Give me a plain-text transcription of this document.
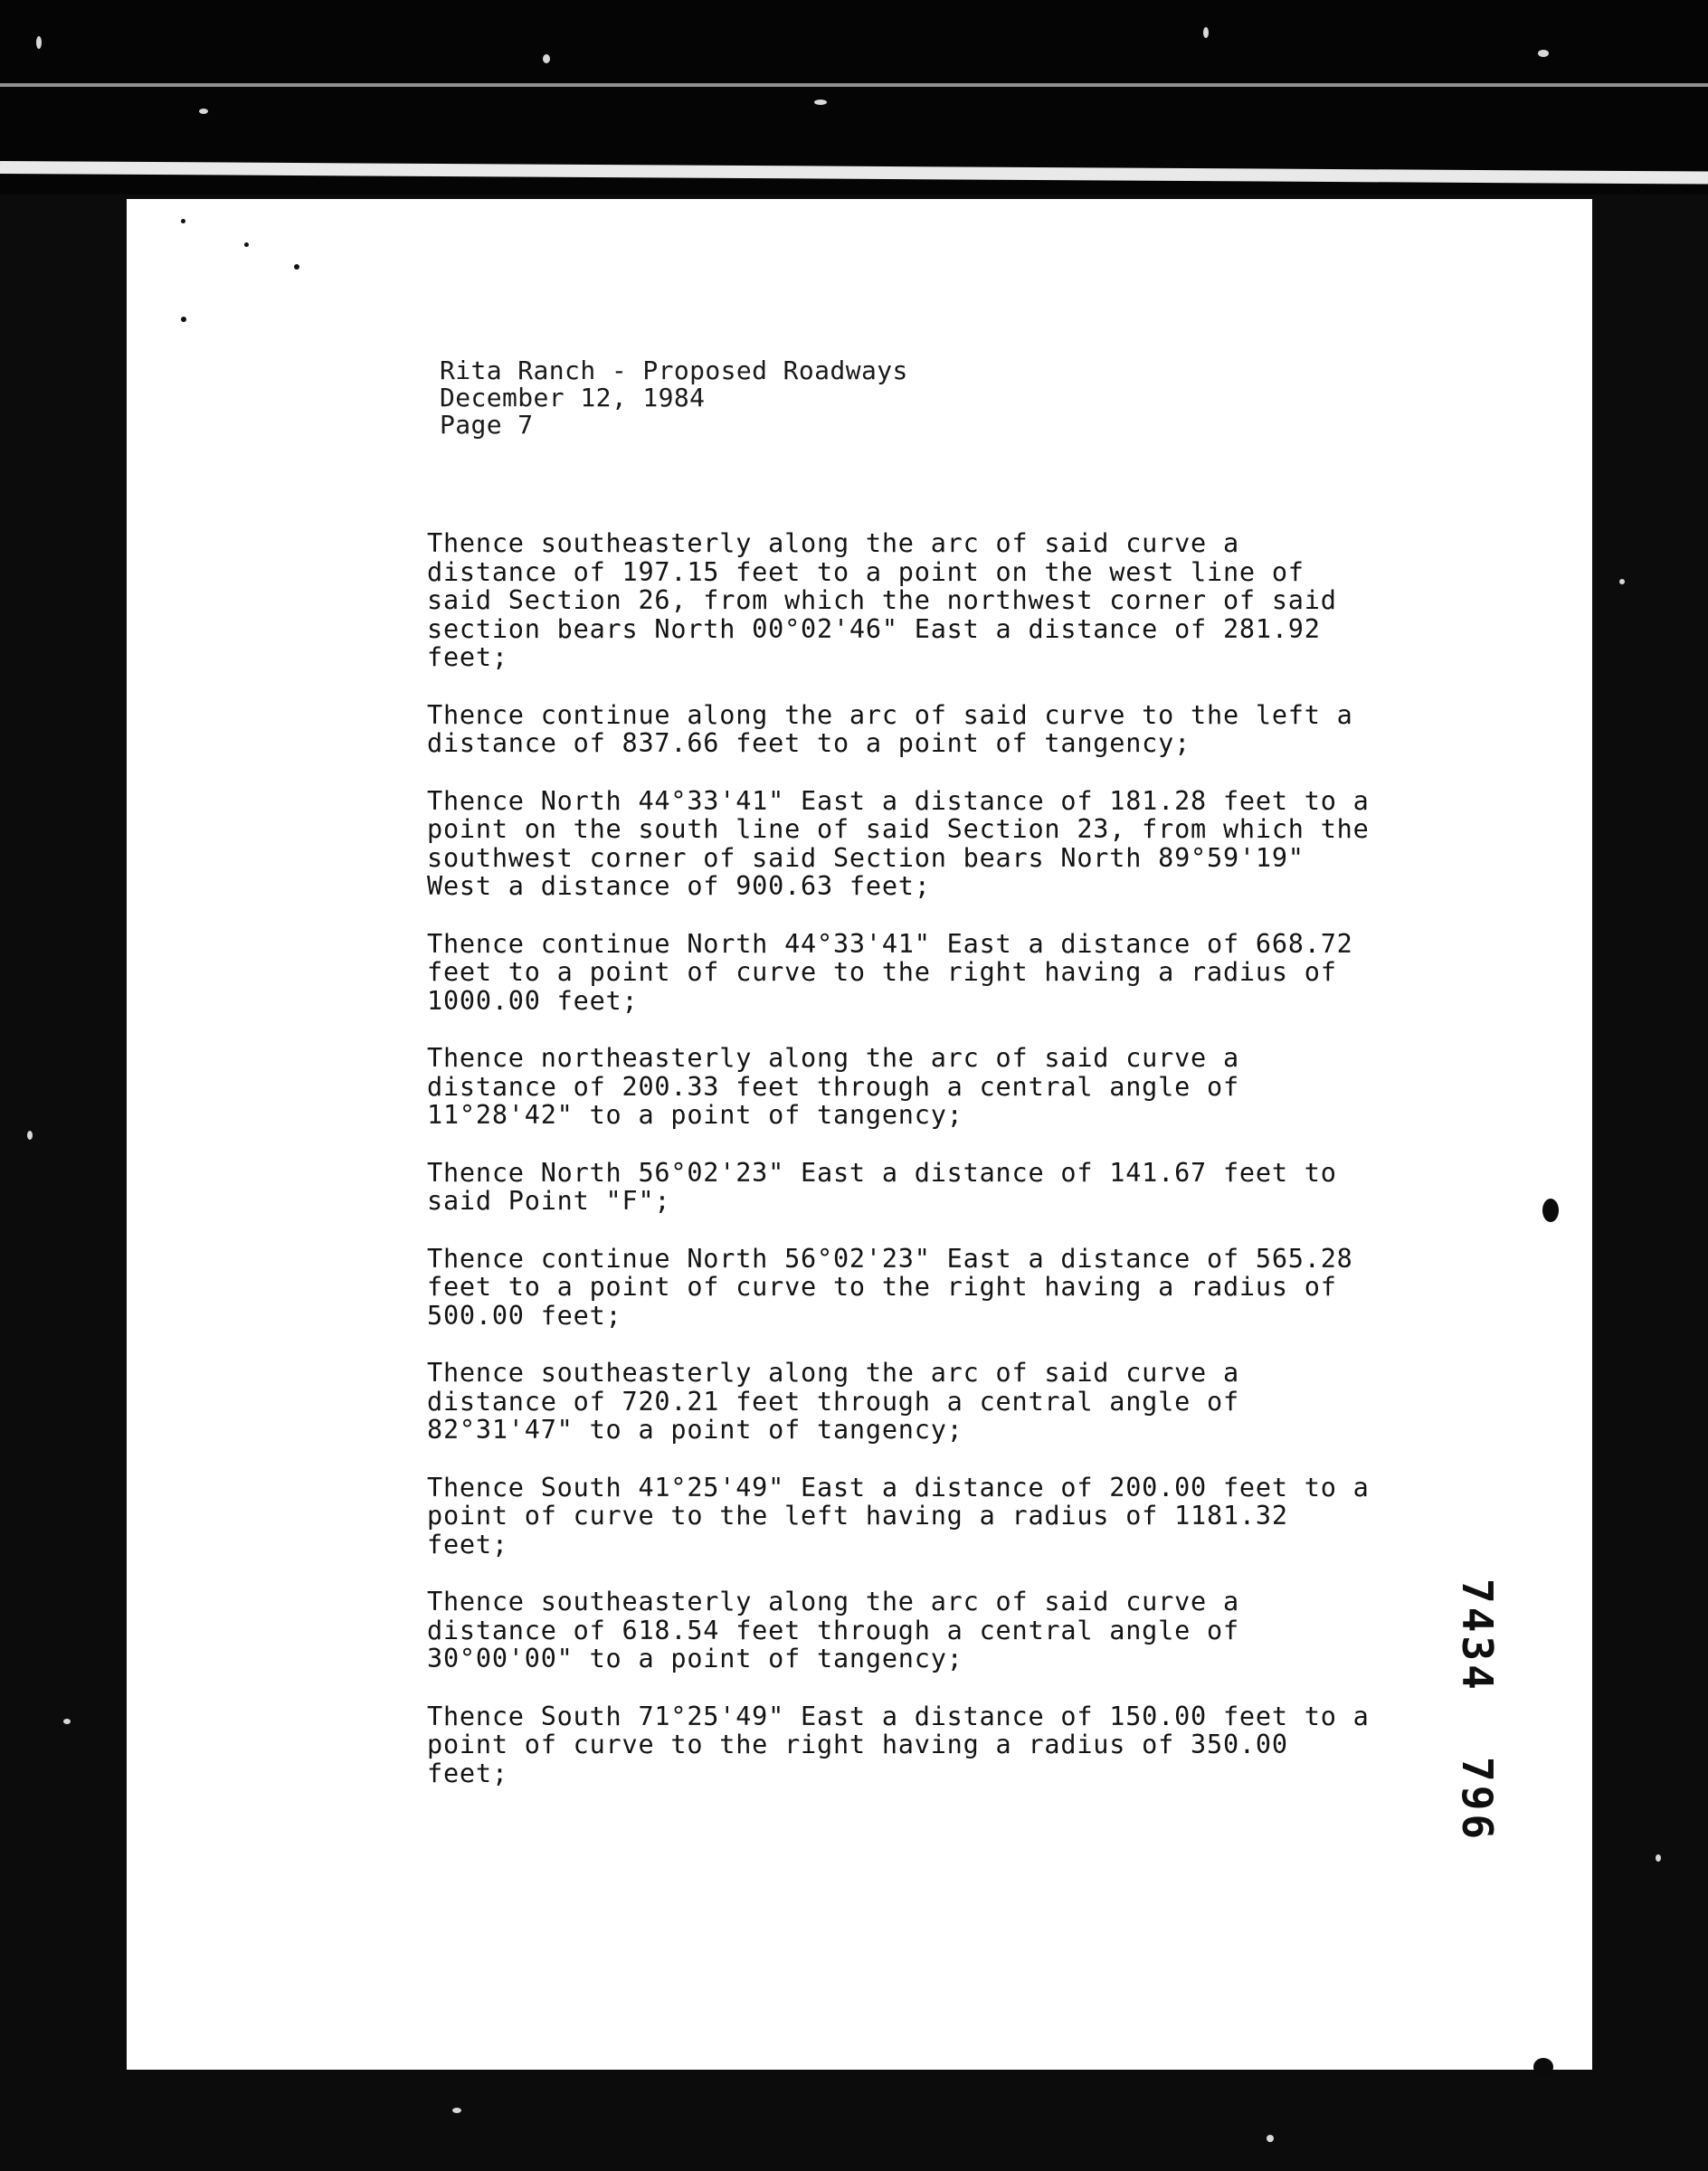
Rita Ranch - Proposed Roadways
December 12, 1984
Page 7

Thence southeasterly along the arc of said curve a
distance of 197.15 feet to a point on the west line of
said Section 26, from which the northwest corner of said
section bears North 00°02'46" East a distance of 281.92
feet;

Thence continue along the arc of said curve to the left a
distance of 837.66 feet to a point of tangency;

Thence North 44°33'41" East a distance of 181.28 feet to a
point on the south line of said Section 23, from which the
southwest corner of said Section bears North 89°59'19"
West a distance of 900.63 feet;

Thence continue North 44°33'41" East a distance of 668.72
feet to a point of curve to the right having a radius of
1000.00 feet;

Thence northeasterly along the arc of said curve a
distance of 200.33 feet through a central angle of
11°28'42" to a point of tangency;

Thence North 56°02'23" East a distance of 141.67 feet to
said Point "F";

Thence continue North 56°02'23" East a distance of 565.28
feet to a point of curve to the right having a radius of
500.00 feet;

Thence southeasterly along the arc of said curve a
distance of 720.21 feet through a central angle of
82°31'47" to a point of tangency;

Thence South 41°25'49" East a distance of 200.00 feet to a
point of curve to the left having a radius of 1181.32
feet;

Thence southeasterly along the arc of said curve a
distance of 618.54 feet through a central angle of
30°00'00" to a point of tangency;

Thence South 71°25'49" East a distance of 150.00 feet to a
point of curve to the right having a radius of 350.00
feet;

7434
796
